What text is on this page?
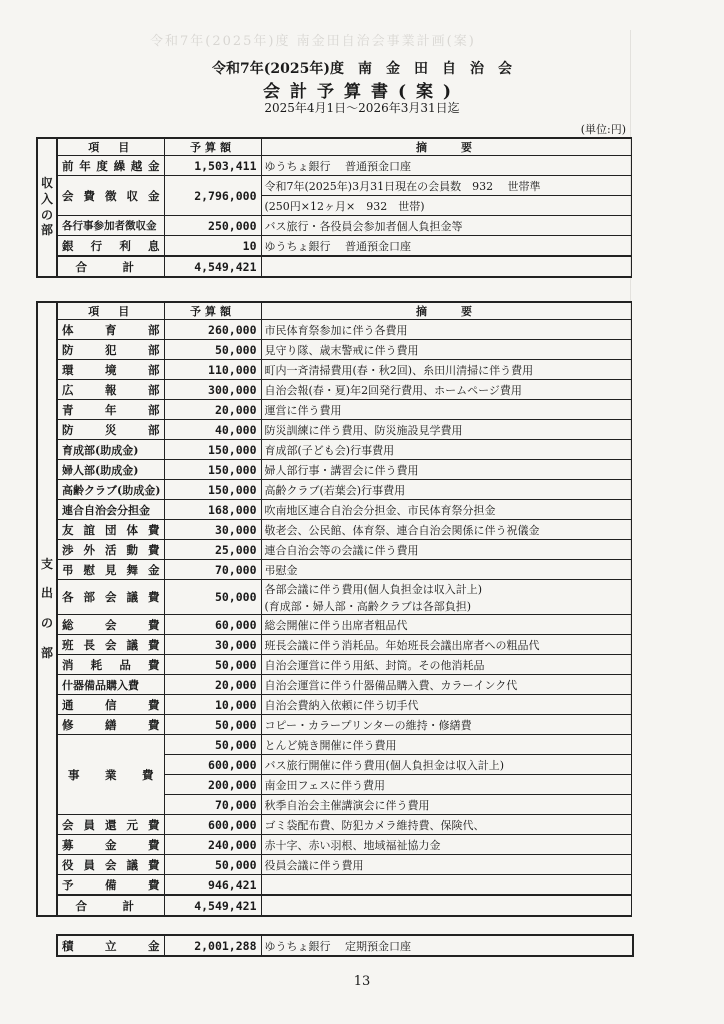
令和7年(2025年)度 南金田自治会事業計画(案)
令和7年(2025年)度　南　金　田　自　治　会
会計予算書(案)
2025年4月1日〜2026年3月31日迄
(単位:円)
収
入
の
部	項　目	予算額	摘　　要
	前年度繰越金	1,503,411	ゆうちょ銀行　 普通預金口座
	会費徴収金	2,796,000	令和7年(2025年)3月31日現在の会員数　932　 世帯準
			(250円×12ヶ月×　932　世帯)
	各行事参加者徴収金	250,000	バス旅行・各役員会参加者個人負担金等
	銀行利息	10	ゆうちょ銀行　 普通預金口座
	合　計	4,549,421	
支
出
の
部	項　目	予算額	摘　　要
	体育部	260,000	市民体育祭参加に伴う各費用
	防犯部	50,000	見守り隊、歳末警戒に伴う費用
	環境部	110,000	町内一斉清掃費用(春・秋2回)、糸田川清掃に伴う費用
	広報部	300,000	自治会報(春・夏)年2回発行費用、ホームページ費用
	青年部	20,000	運営に伴う費用
	防災部	40,000	防災訓練に伴う費用、防災施設見学費用
	育成部(助成金)	150,000	育成部(子ども会)行事費用
	婦人部(助成金)	150,000	婦人部行事・講習会に伴う費用
	高齢クラブ(助成金)	150,000	高齢クラブ(若葉会)行事費用
	連合自治会分担金	168,000	吹南地区連合自治会分担金、市民体育祭分担金
	友誼団体費	30,000	敬老会、公民館、体育祭、連合自治会関係に伴う祝儀金
	渉外活動費	25,000	連合自治会等の会議に伴う費用
	弔慰見舞金	70,000	弔慰金
	各部会議費	50,000	各部会議に伴う費用(個人負担金は収入計上)
			(育成部・婦人部・高齢クラブは各部負担)
	総会費	60,000	総会開催に伴う出席者粗品代
	班長会議費	30,000	班長会議に伴う消耗品。年始班長会議出席者への粗品代
	消耗品費	50,000	自治会運営に伴う用紙、封筒。その他消耗品
	什器備品購入費	20,000	自治会運営に伴う什器備品購入費、カラーインク代
	通信費	10,000	自治会費納入依頼に伴う切手代
	修繕費	50,000	コピー・カラープリンターの維持・修繕費
	事業費	50,000	とんど焼き開催に伴う費用
		600,000	バス旅行開催に伴う費用(個人負担金は収入計上)
		200,000	南金田フェスに伴う費用
		70,000	秋季自治会主催講演会に伴う費用
	会員還元費	600,000	ゴミ袋配布費、防犯カメラ維持費、保険代、
	募金費	240,000	赤十字、赤い羽根、地域福祉協力金
	役員会議費	50,000	役員会議に伴う費用
	予備費	946,421	
	合　計	4,549,421	
積立金	2,001,288	ゆうちょ銀行　 定期預金口座
13
